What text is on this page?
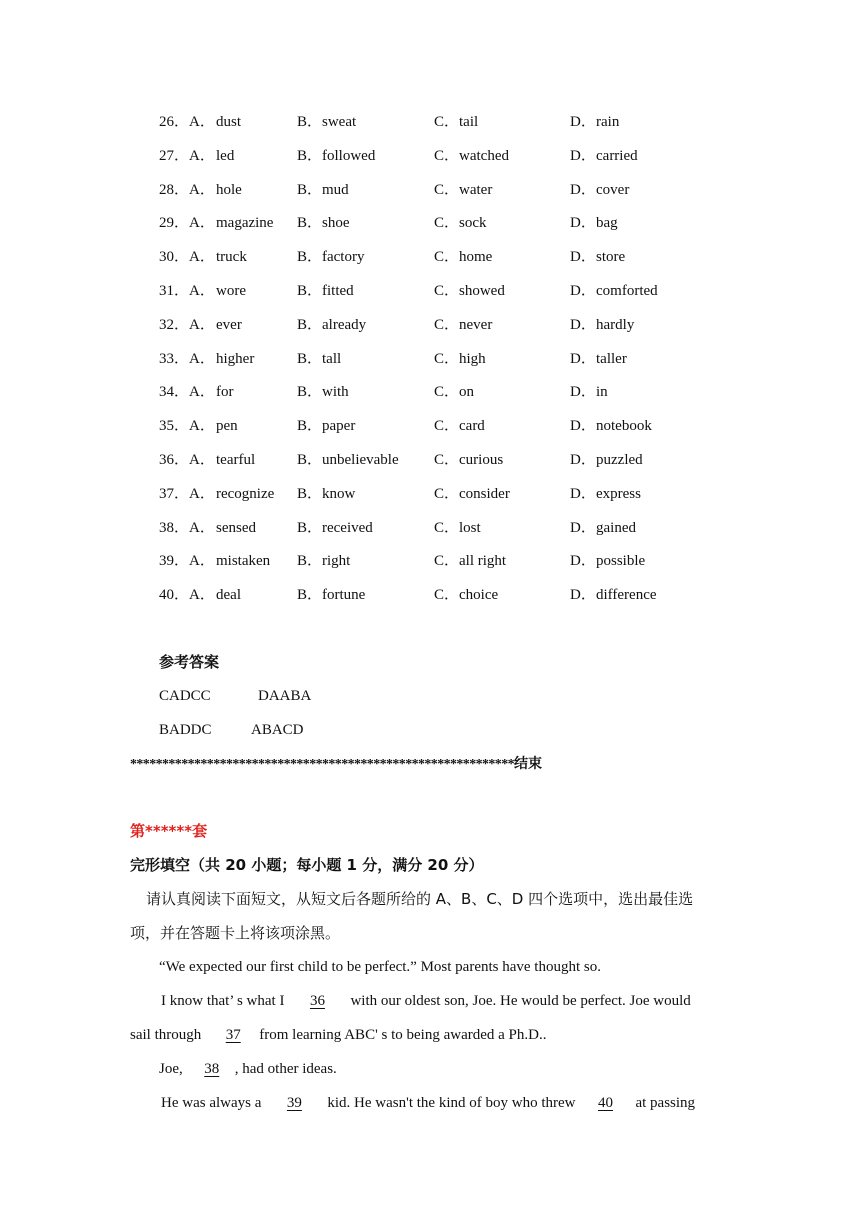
26．A． dust	B． sweat	C． tail	D． rain
27．A． led	B． followed	C． watched	D． carried
28．A． hole	B． mud	C． water	D． cover
29．A． magazine B． shoe	C． sock	D． bag
30．A． truck	B． factory	C． home	D． store
31．A． wore	B． fitted	C． showed	D． comforted
32．A． ever	B． already	C． never	D． hardly
33．A． higher	B． tall	C． high	D． taller
34．A． for	B． with	C． on	D． in
35．A． pen	B． paper	C． card	D． notebook
36．A． tearful	B． unbelievable C． curious	D． puzzled
37．A． recognize B． know	C． consider	D． express
38．A． sensed	B． received	C． lost	D． gained
39．A． mistaken B． right	C． all right	D． possible
40．A． deal	B． fortune	C． choice	D． difference
参考答案
CADCC	DAABA
BADDC	ABACD
************************************************************结束
第******套
完形填空（共 20 小题；每小题 1 分，满分 20 分）
请认真阅读下面短文，从短文后各题所给的 A、B、C、D 四个选项中，选出最佳选
项，并在答题卡上将该项涂黑。
“We expected our first child to be perfect.” Most parents have thought so.
I know that’ s what I 36 with our oldest son, Joe. He would be perfect. Joe would
sail through 37 from learning ABC' s to being awarded a Ph.D..
Joe, 38 , had other ideas.
He was always a 39 kid. He wasn't the kind of boy who threw 40 at passing
